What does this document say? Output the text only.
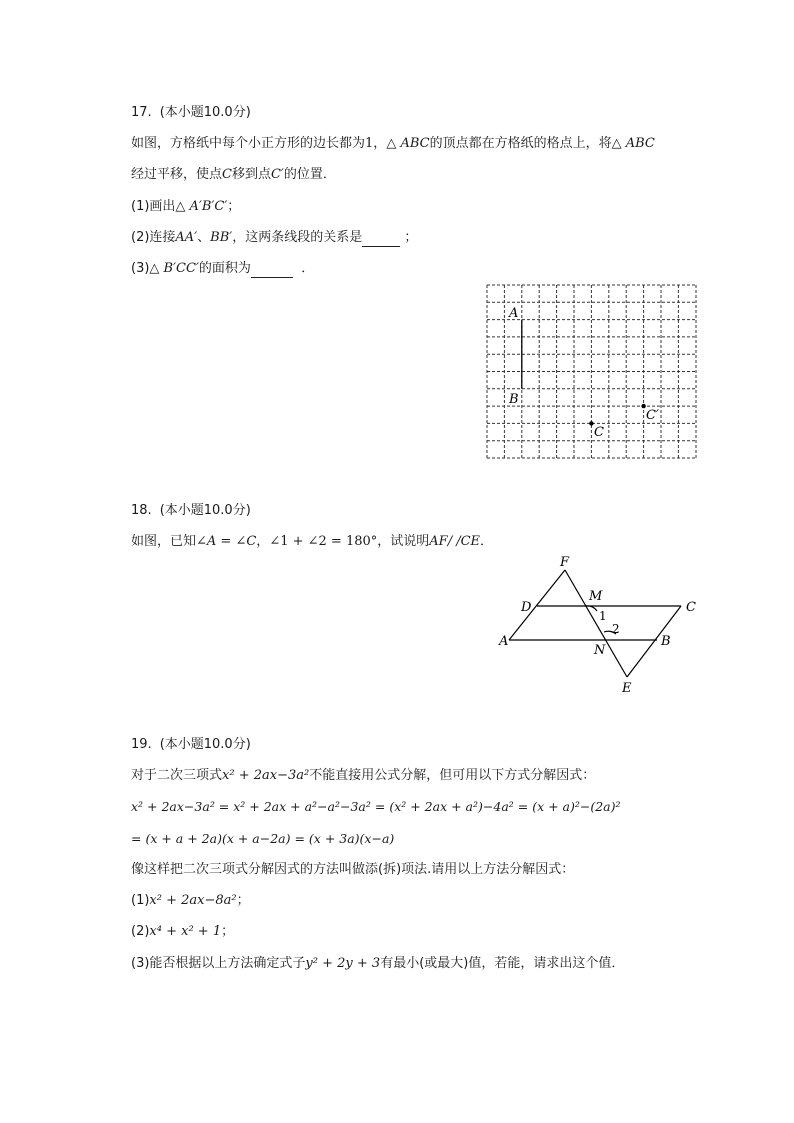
17. (本小题10.0分)
如图，方格纸中每个小正方形的边长都为1，△ ABC的顶点都在方格纸的格点上，将△ ABC
经过平移，使点C移到点C′的位置．
(1)画出△ A′B′C′；
(2)连接AA′、BB′，这两条线段的关系是	；
(3)△ B′CC′的面积为	．
A
B
C
C′
18. (本小题10.0分)
如图，已知∠A = ∠C，∠1 + ∠2 = 180°，试说明AF/ /CE．
F
M
D	C
A
N
B
E
1
2
19. (本小题10.0分)
对于二次三项式x² + 2ax−3a²不能直接用公式分解，但可用以下方式分解因式：
x² + 2ax−3a² = x² + 2ax + a²−a²−3a² = (x² + 2ax + a²)−4a² = (x + a)²−(2a)²
= (x + a + 2a)(x + a−2a) = (x + 3a)(x−a)
像这样把二次三项式分解因式的方法叫做添(拆)项法.请用以上方法分解因式：
(1)x² + 2ax−8a²；
(2)x⁴ + x² + 1；
(3)能否根据以上方法确定式子y² + 2y + 3有最小(或最大)值，若能，请求出这个值．
